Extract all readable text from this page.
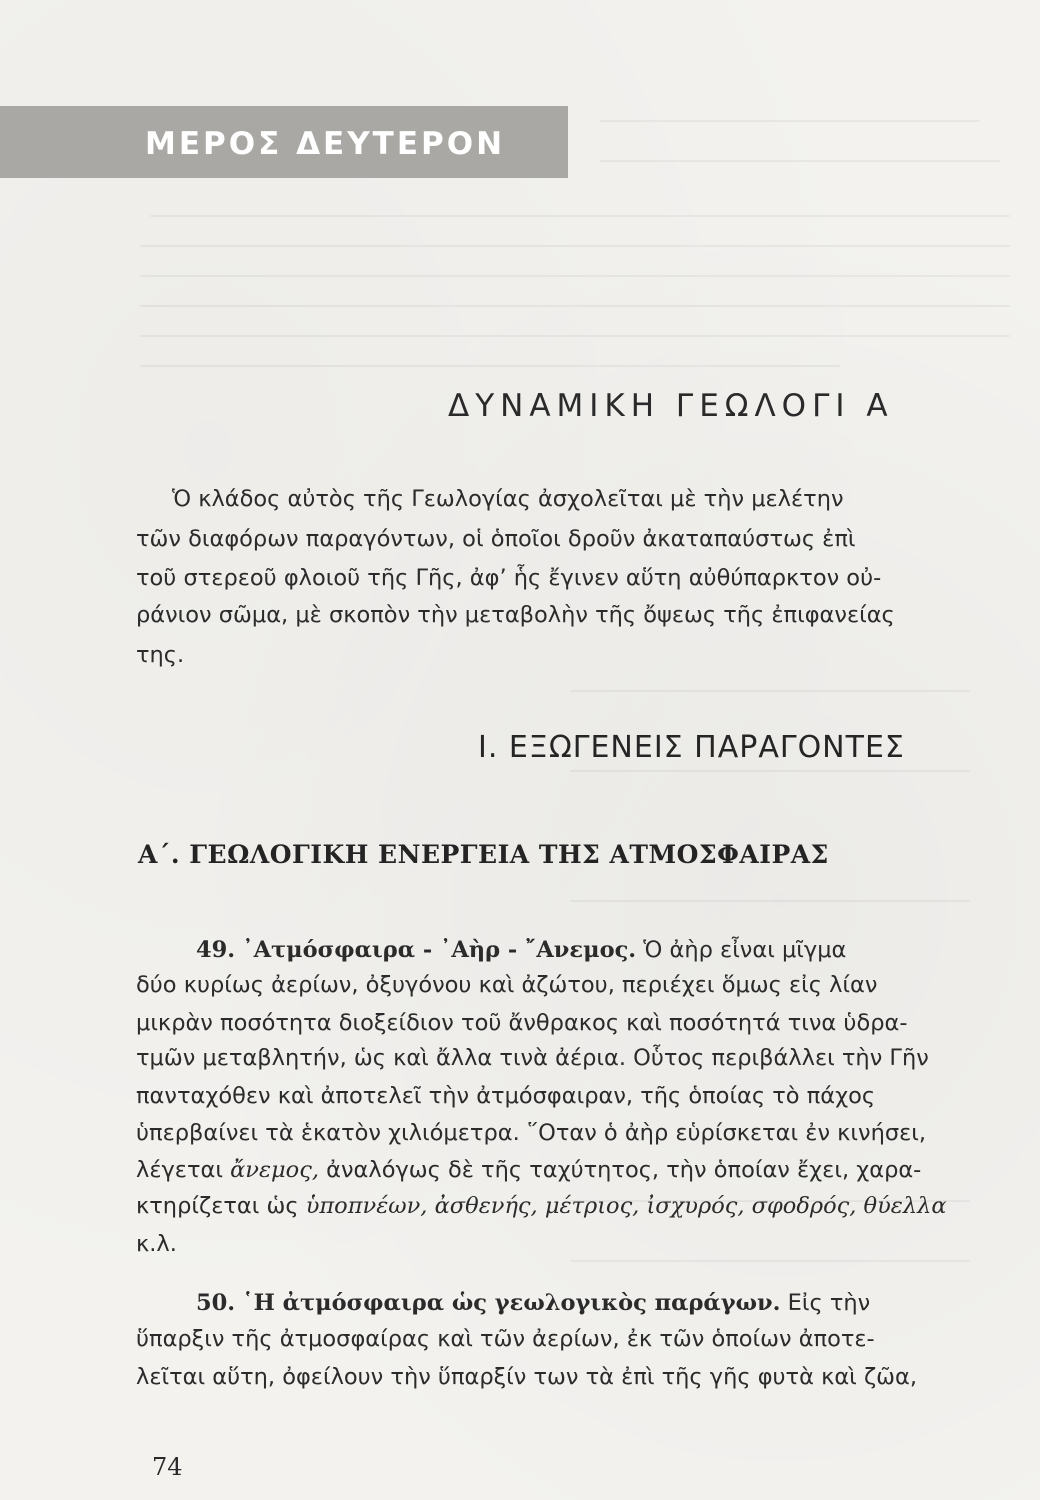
ΜΕΡΟΣ ΔΕΥΤΕΡΟΝ
ΔΥΝΑΜΙΚΗ ΓΕΩΛΟΓΙ Α
Ὁ κλάδος αὐτὸς τῆς Γεωλογίας ἀσχολεῖται μὲ τὴν μελέτην
τῶν διαφόρων παραγόντων, οἱ ὁποῖοι δροῦν ἀκαταπαύστως ἐπὶ
τοῦ στερεοῦ φλοιοῦ τῆς Γῆς, ἀφ’ ἧς ἔγινεν αὕτη αὐθύπαρκτον οὐ-
ράνιον σῶμα, μὲ σκοπὸν τὴν μεταβολὴν τῆς ὄψεως τῆς ἐπιφανείας
της.
I. ΕΞΩΓΕΝΕΙΣ ΠΑΡΑΓΟΝΤΕΣ
Α΄. ΓΕΩΛΟΓΙΚΗ ΕΝΕΡΓΕΙΑ ΤΗΣ ΑΤΜΟΣΦΑΙΡΑΣ
49. ᾽Ατμόσφαιρα - ᾽Αὴρ - ῎Ανεμος. Ὁ ἀὴρ εἶναι μῖγμα
δύο κυρίως ἀερίων, ὀξυγόνου καὶ ἀζώτου, περιέχει ὅμως εἰς λίαν
μικρὰν ποσότητα διοξείδιον τοῦ ἄνθρακος καὶ ποσότητά τινα ὑδρα-
τμῶν μεταβλητήν, ὡς καὶ ἄλλα τινὰ ἀέρια. Οὗτος περιβάλλει τὴν Γῆν
πανταχόθεν καὶ ἀποτελεῖ τὴν ἀτμόσφαιραν, τῆς ὁποίας τὸ πάχος
ὑπερβαίνει τὰ ἑκατὸν χιλιόμετρα. ῞Οταν ὁ ἀὴρ εὑρίσκεται ἐν κινήσει,
λέγεται ἄνεμος, ἀναλόγως δὲ τῆς ταχύτητος, τὴν ὁποίαν ἔχει, χαρα-
κτηρίζεται ὡς ὑποπνέων, ἀσθενής, μέτριος, ἰσχυρός, σφοδρός, θύελλα
κ.λ.
50. ῾Η ἀτμόσφαιρα ὡς γεωλογικὸς παράγων. Εἰς τὴν
ὕπαρξιν τῆς ἀτμοσφαίρας καὶ τῶν ἀερίων, ἐκ τῶν ὁποίων ἀποτε-
λεῖται αὕτη, ὀφείλουν τὴν ὕπαρξίν των τὰ ἐπὶ τῆς γῆς φυτὰ καὶ ζῶα,
74
